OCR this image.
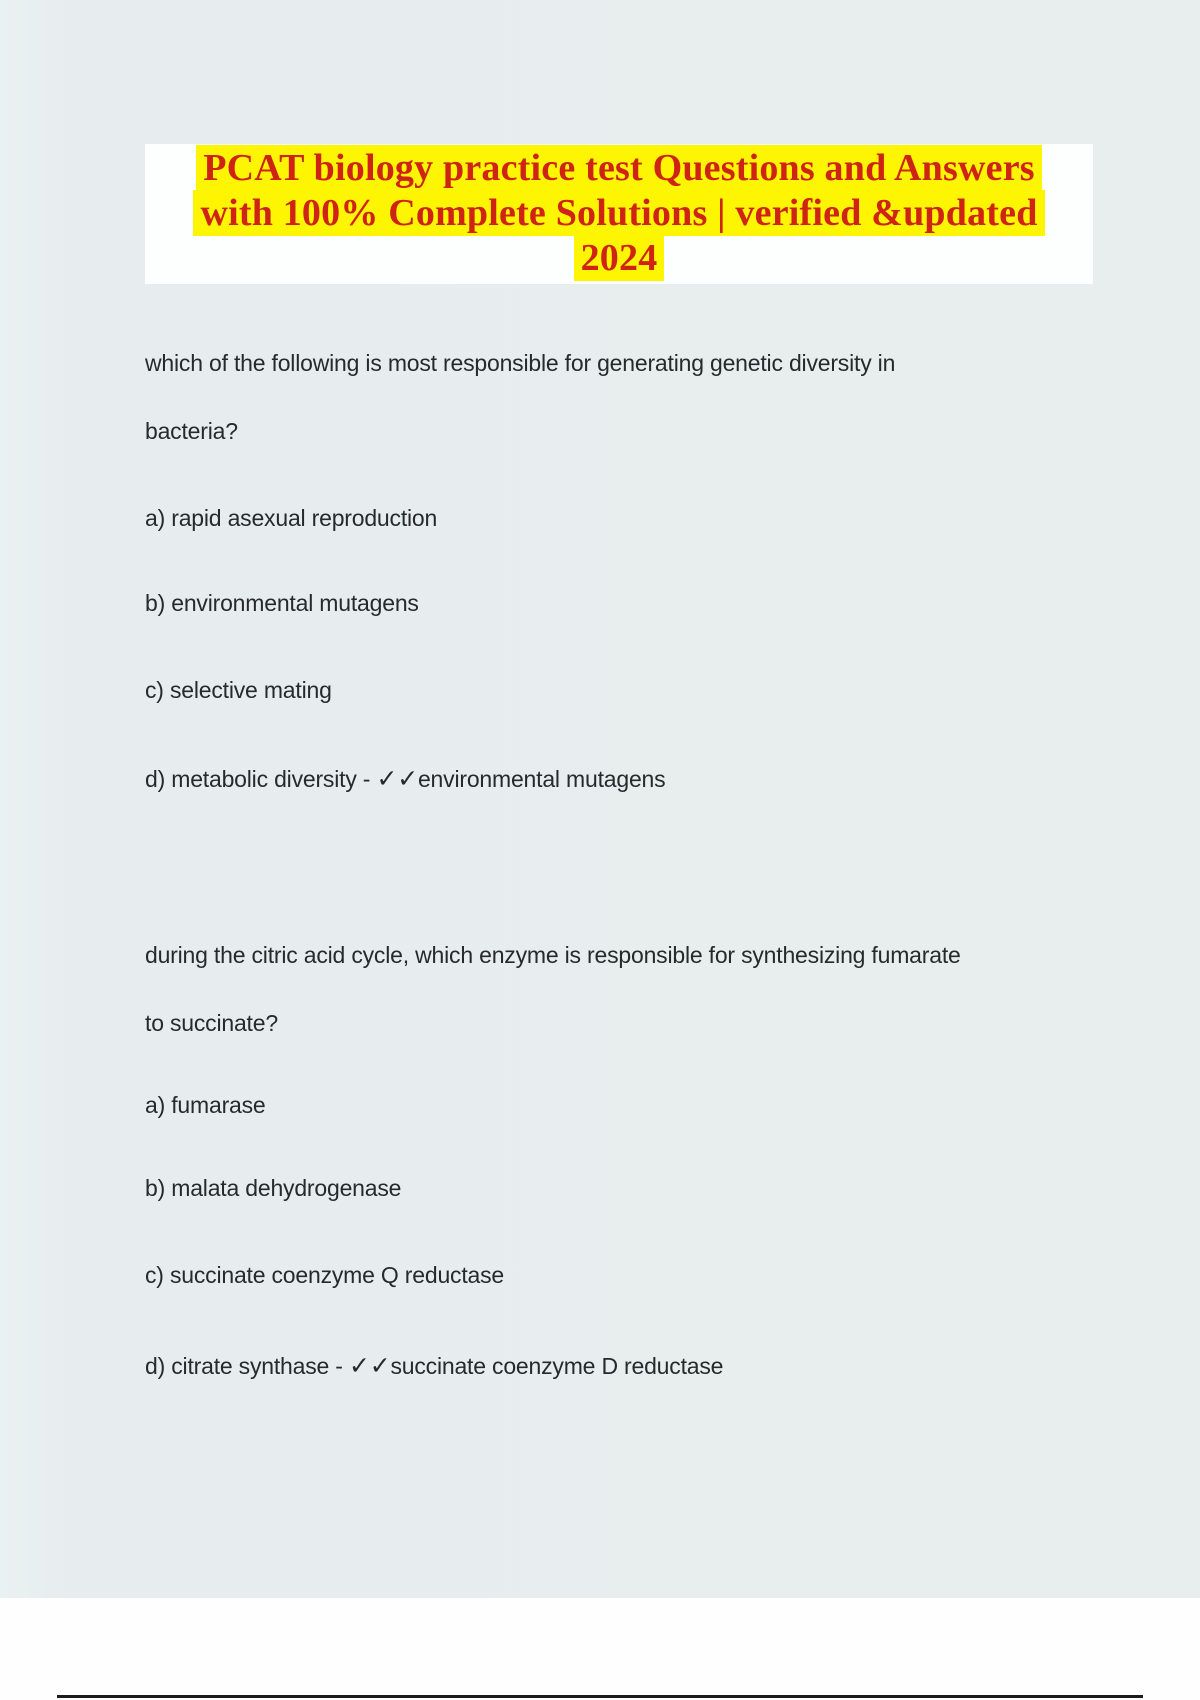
PCAT biology practice test Questions and Answers
with 100% Complete Solutions | verified &updated
2024
which of the following is most responsible for generating genetic diversity in
bacteria?
a) rapid asexual reproduction
b) environmental mutagens
c) selective mating
d) metabolic diversity - ✓✓environmental mutagens
during the citric acid cycle, which enzyme is responsible for synthesizing fumarate
to succinate?
a) fumarase
b) malata dehydrogenase
c) succinate coenzyme Q reductase
d) citrate synthase - ✓✓succinate coenzyme D reductase
